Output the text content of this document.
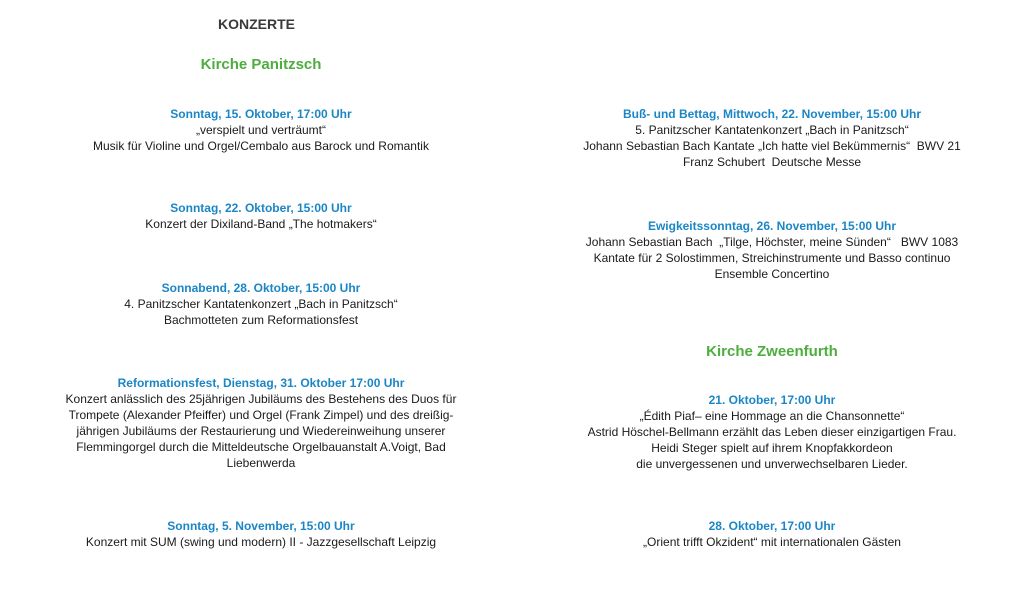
KONZERTE
Kirche Panitzsch
Sonntag, 15. Oktober, 17:00 Uhr
„verspielt und verträumt“
Musik für Violine und Orgel/Cembalo aus Barock und Romantik
Sonntag, 22. Oktober, 15:00 Uhr
Konzert der Dixiland-Band „The hotmakers“
Sonnabend, 28. Oktober, 15:00 Uhr
4. Panitzscher Kantatenkonzert „Bach in Panitzsch“
Bachmotteten zum Reformationsfest
Reformationsfest, Dienstag, 31. Oktober 17:00 Uhr
Konzert anlässlich des 25jährigen Jubiläums des Bestehens des Duos für
Trompete (Alexander Pfeiffer) und Orgel (Frank Zimpel) und des dreißig-
jährigen Jubiläums der Restaurierung und Wiedereinweihung unserer
Flemmingorgel durch die Mitteldeutsche Orgelbauanstalt A.Voigt, Bad
Liebenwerda
Sonntag, 5. November, 15:00 Uhr
Konzert mit SUM (swing und modern) II - Jazzgesellschaft Leipzig
Buß- und Bettag, Mittwoch, 22. November, 15:00 Uhr
5. Panitzscher Kantatenkonzert „Bach in Panitzsch“
Johann Sebastian Bach Kantate „Ich hatte viel Bekümmernis“  BWV 21
Franz Schubert  Deutsche Messe
Ewigkeitssonntag, 26. November, 15:00 Uhr
Johann Sebastian Bach  „Tilge, Höchster, meine Sünden“   BWV 1083
Kantate für 2 Solostimmen, Streichinstrumente und Basso continuo
Ensemble Concertino
Kirche Zweenfurth
21. Oktober, 17:00 Uhr
„Édith Piaf– eine Hommage an die Chansonnette“
Astrid Höschel-Bellmann erzählt das Leben dieser einzigartigen Frau.
Heidi Steger spielt auf ihrem Knopfakkordeon
die unvergessenen und unverwechselbaren Lieder.
28. Oktober, 17:00 Uhr
„Orient trifft Okzident“ mit internationalen Gästen
